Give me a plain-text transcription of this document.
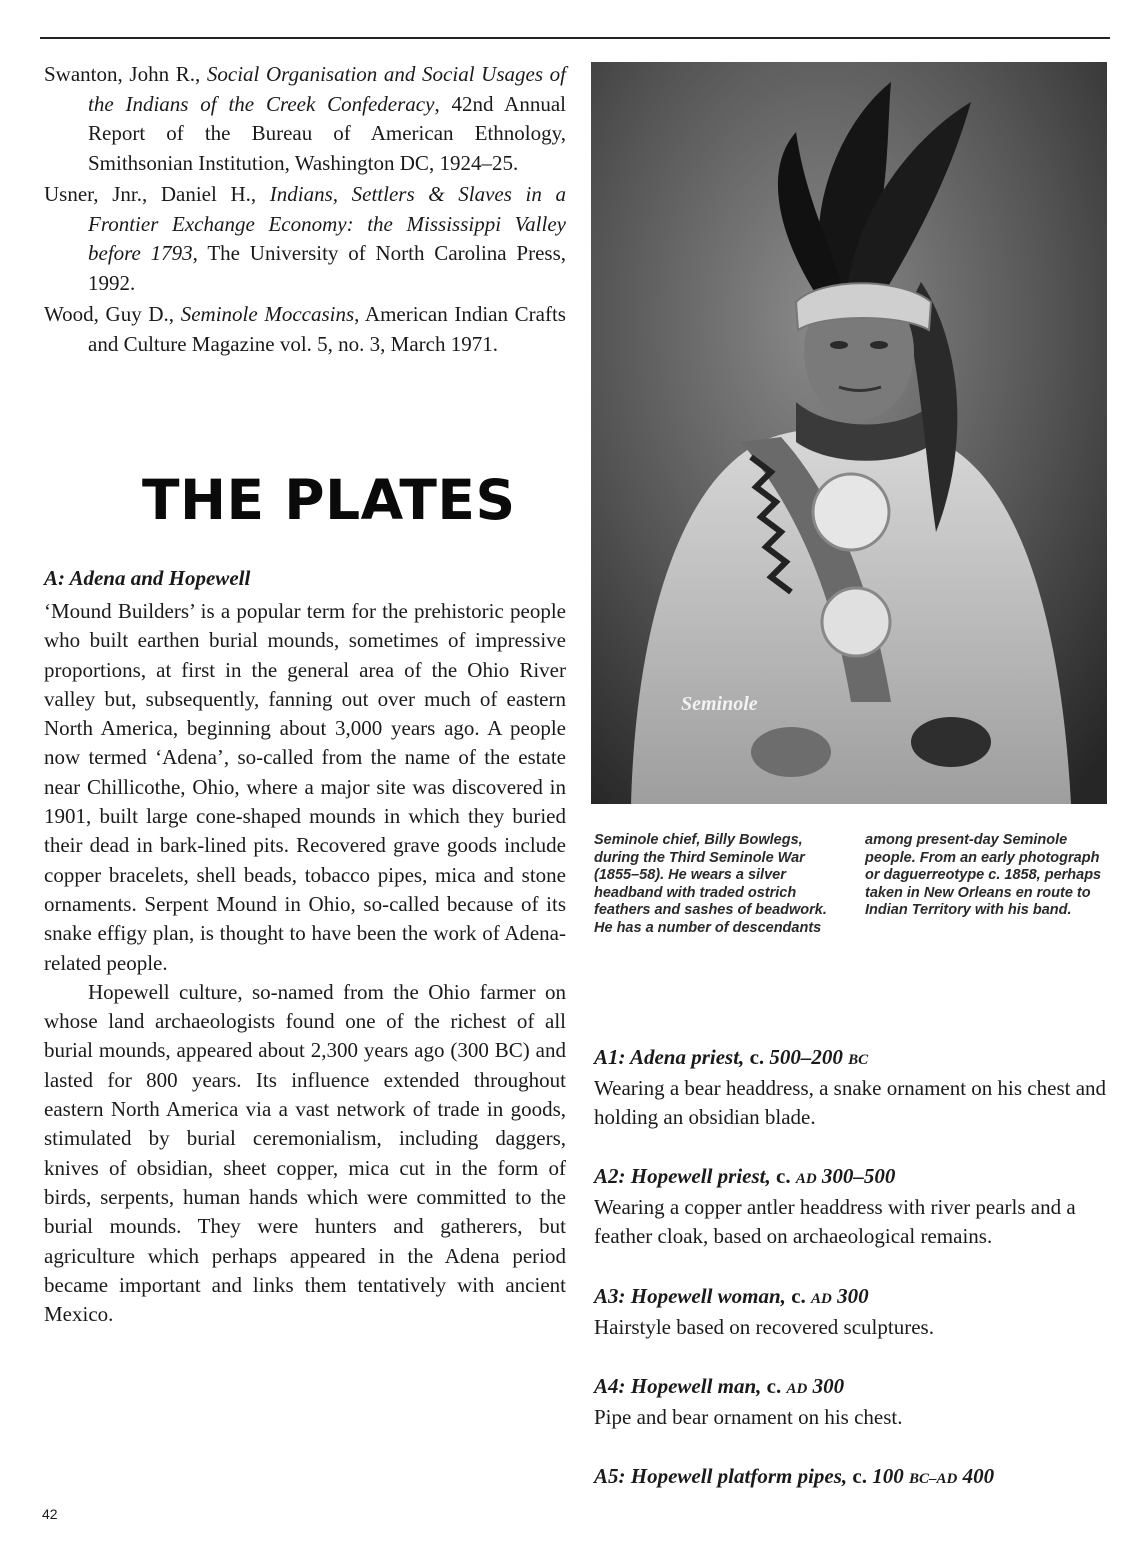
Swanton, John R., Social Organisation and Social Usages of the Indians of the Creek Confederacy, 42nd Annual Report of the Bureau of American Ethnology, Smithsonian Institution, Washington DC, 1924–25.

Usner, Jnr., Daniel H., Indians, Settlers & Slaves in a Frontier Exchange Economy: the Mississippi Valley before 1793, The University of North Carolina Press, 1992.

Wood, Guy D., Seminole Moccasins, American Indian Crafts and Culture Magazine vol. 5, no. 3, March 1971.

THE PLATES
A: Adena and Hopewell

‘Mound Builders’ is a popular term for the prehistoric people who built earthen burial mounds, sometimes of impressive proportions, at first in the general area of the Ohio River valley but, subsequently, fanning out over much of eastern North America, beginning about 3,000 years ago. A people now termed ‘Adena’, so-called from the name of the estate near Chillicothe, Ohio, where a major site was discovered in 1901, built large cone-shaped mounds in which they buried their dead in bark-lined pits. Recovered grave goods include copper bracelets, shell beads, tobacco pipes, mica and stone ornaments. Serpent Mound in Ohio, so-called because of its snake effigy plan, is thought to have been the work of Adena-related people.

Hopewell culture, so-named from the Ohio farmer on whose land archaeologists found one of the richest of all burial mounds, appeared about 2,300 years ago (300 BC) and lasted for 800 years. Its influence extended throughout eastern North America via a vast network of trade in goods, stimulated by burial ceremonialism, including daggers, knives of obsidian, sheet copper, mica cut in the form of birds, serpents, human hands which were committed to the burial mounds. They were hunters and gatherers, but agriculture which perhaps appeared in the Adena period became important and links them tentatively with ancient Mexico.

42
Seminole
Seminole chief, Billy Bowlegs, during the Third Seminole War (1855–58). He wears a silver headband with traded ostrich feathers and sashes of beadwork. He has a number of descendants
among present-day Seminole people. From an early photograph or daguerreotype c. 1858, perhaps taken in New Orleans en route to Indian Territory with his band.

A1: Adena priest, c. 500–200 BC

Wearing a bear headdress, a snake ornament on his chest and holding an obsidian blade.

A2: Hopewell priest, c. AD 300–500

Wearing a copper antler headdress with river pearls and a feather cloak, based on archaeological remains.

A3: Hopewell woman, c. AD 300

Hairstyle based on recovered sculptures.

A4: Hopewell man, c. AD 300

Pipe and bear ornament on his chest.

A5: Hopewell platform pipes, c. 100 BC–AD 400
